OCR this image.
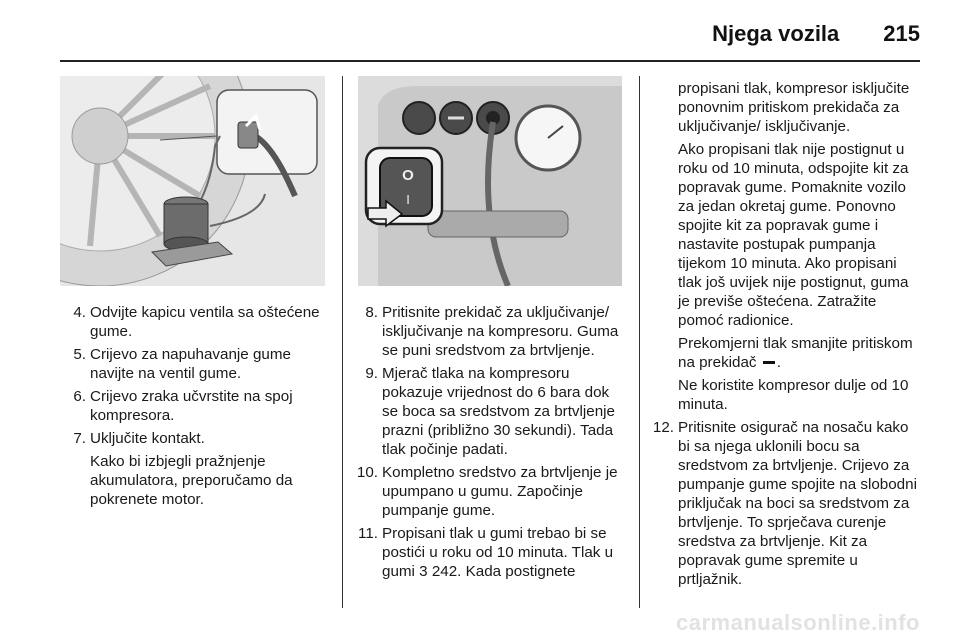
Njega vozila 215
O
I
4. Odvijte kapicu ventila sa oštećene gume.
5. Crijevo za napuhavanje gume navijte na ventil gume.
6. Crijevo zraka učvrstite na spoj kompresora.
7. Uključite kontakt.
Kako bi izbjegli pražnjenje akumulatora, preporučamo da pokrenete motor.
8. Pritisnite prekidač za uključivanje/ isključivanje na kompresoru. Guma se puni sredstvom za brtvljenje.
9. Mjerač tlaka na kompresoru pokazuje vrijednost do 6 bara dok se boca sa sredstvom za brtvljenje prazni (približno 30 sekundi). Tada tlak počinje padati.
10. Kompletno sredstvo za brtvljenje je upumpano u gumu. Započinje pumpanje gume.
11. Propisani tlak u gumi trebao bi se postići u roku od 10 minuta. Tlak u gumi 3 242. Kada postignete

propisani tlak, kompresor isključite ponovnim pritiskom prekidača za uključivanje/ isključivanje.

Ako propisani tlak nije postignut u roku od 10 minuta, odspojite kit za popravak gume. Pomaknite vozilo za jedan okretaj gume. Ponovno spojite kit za popravak gume i nastavite postupak pumpanja tijekom 10 minuta. Ako propisani tlak još uvijek nije postignut, guma je previše oštećena. Zatražite pomoć radionice.

Prekomjerni tlak smanjite pritiskom na prekidač .

Ne koristite kompresor dulje od 10 minuta.

12. Pritisnite osigurač na nosaču kako bi sa njega uklonili bocu sa sredstvom za brtvljenje. Crijevo za pumpanje gume spojite na slobodni priključak na boci sa sredstvom za brtvljenje. To sprječava curenje sredstva za brtvljenje. Kit za popravak gume spremite u prtljažnik.
carmanualsonline.info
